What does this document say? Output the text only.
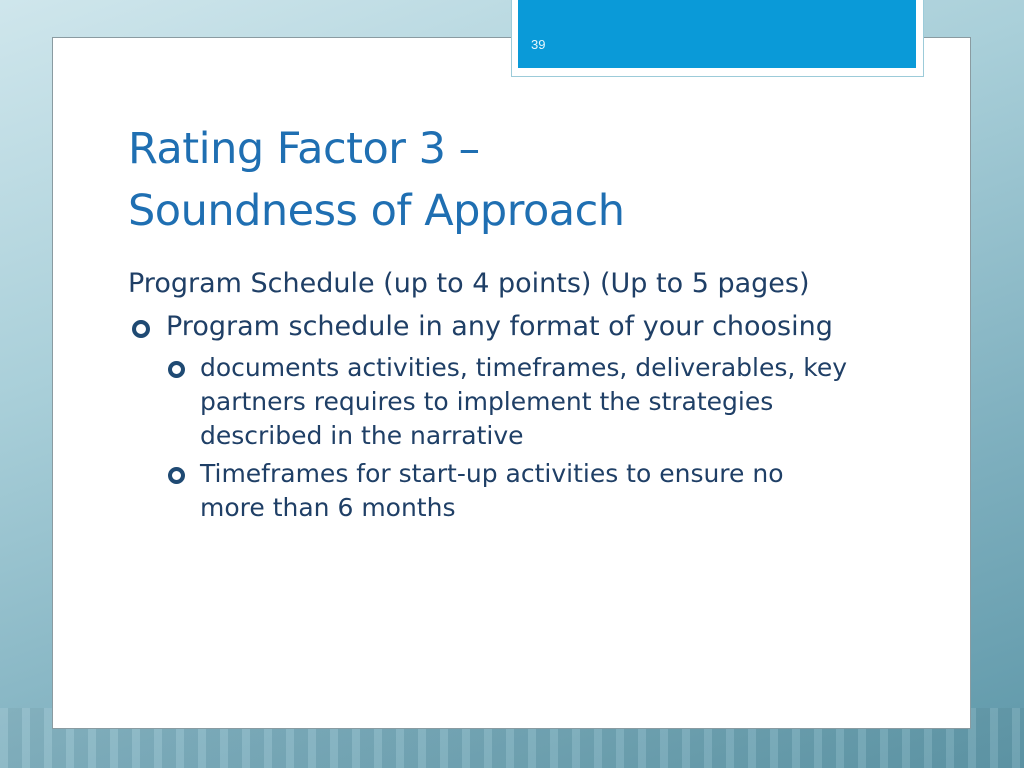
39
Rating Factor 3 –
Soundness of Approach

Program Schedule (up to 4 points) (Up to 5 pages)

Program schedule in any format of your choosing
documents activities, timeframes, deliverables, key partners requires to implement the strategies described in the narrative
Timeframes for start-up activities to ensure no more than 6 months
